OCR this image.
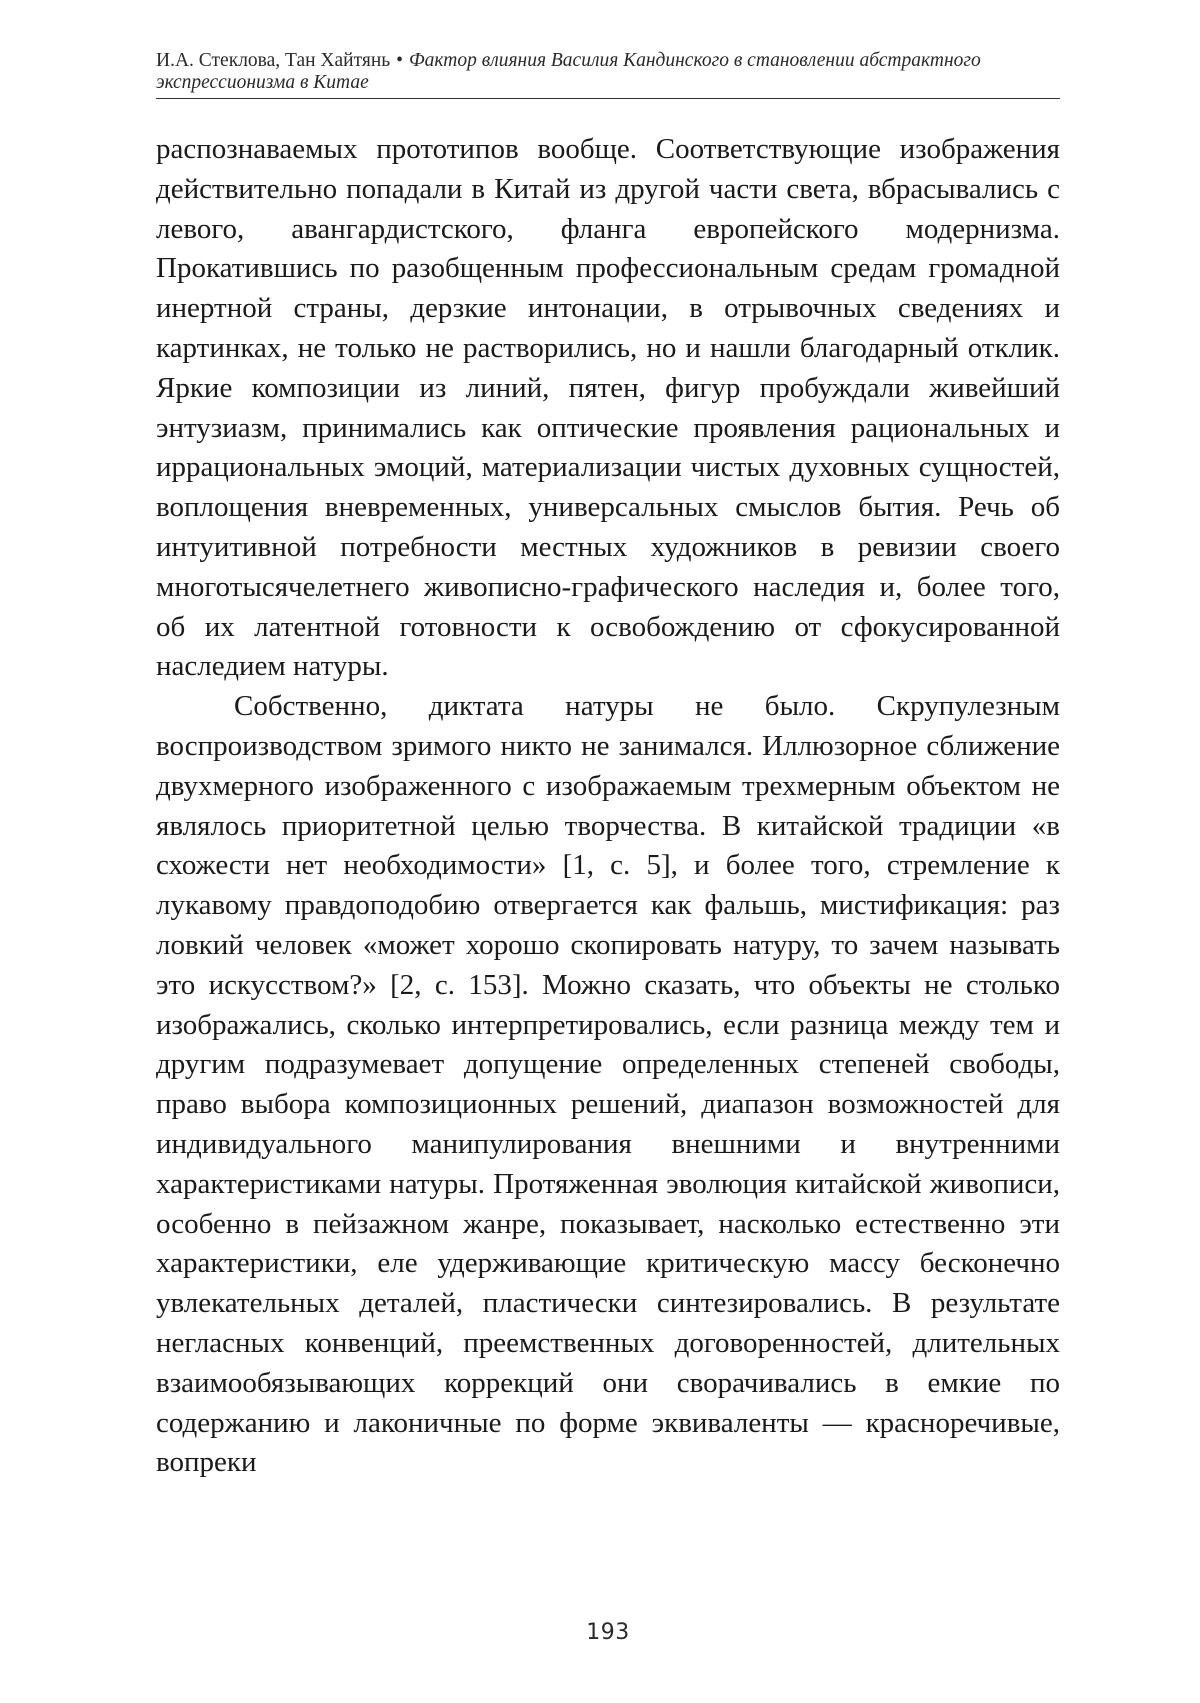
И.А. Стеклова, Тан Хайтянь • Фактор влияния Василия Кандинского в становлении абстрактного экспрессионизма в Китае

распознаваемых прототипов вообще. Соответствующие изображения действительно попадали в Китай из другой части света, вбрасывались с левого, авангардистского, фланга европейского модернизма. Прокатившись по разобщенным профессиональным средам громадной инертной страны, дерзкие интонации, в отрывочных сведениях и картинках, не только не растворились, но и нашли благодарный отклик. Яркие композиции из линий, пятен, фигур пробуждали живейший энтузиазм, принимались как оптические проявления рациональных и иррациональных эмоций, материализации чистых духовных сущностей, воплощения вневременных, универсальных смыслов бытия. Речь об интуитивной потребности местных художников в ревизии своего многотысячелетнего живописно-графического наследия и, более того, об их латентной готовности к освобождению от сфокусированной наследием натуры.

Собственно, диктата натуры не было. Скрупулезным воспроизводством зримого никто не занимался. Иллюзорное сближение двухмерного изображенного с изображаемым трехмерным объектом не являлось приоритетной целью творчества. В китайской традиции «в схожести нет необходимости» [1, с. 5], и более того, стремление к лукавому правдоподобию отвергается как фальшь, мистификация: раз ловкий человек «может хорошо скопировать натуру, то зачем называть это искусством?» [2, с. 153]. Можно сказать, что объекты не столько изображались, сколько интерпретировались, если разница между тем и другим подразумевает допущение определенных степеней свободы, право выбора композиционных решений, диапазон возможностей для индивидуального манипулирования внешними и внутренними характеристиками натуры. Протяженная эволюция китайской живописи, особенно в пейзажном жанре, показывает, насколько естественно эти характеристики, еле удерживающие критическую массу бесконечно увлекательных деталей, пластически синтезировались. В результате негласных конвенций, преемственных договоренностей, длительных взаимообязывающих коррекций они сворачивались в емкие по содержанию и лаконичные по форме эквиваленты — красноречивые, вопреки

193
